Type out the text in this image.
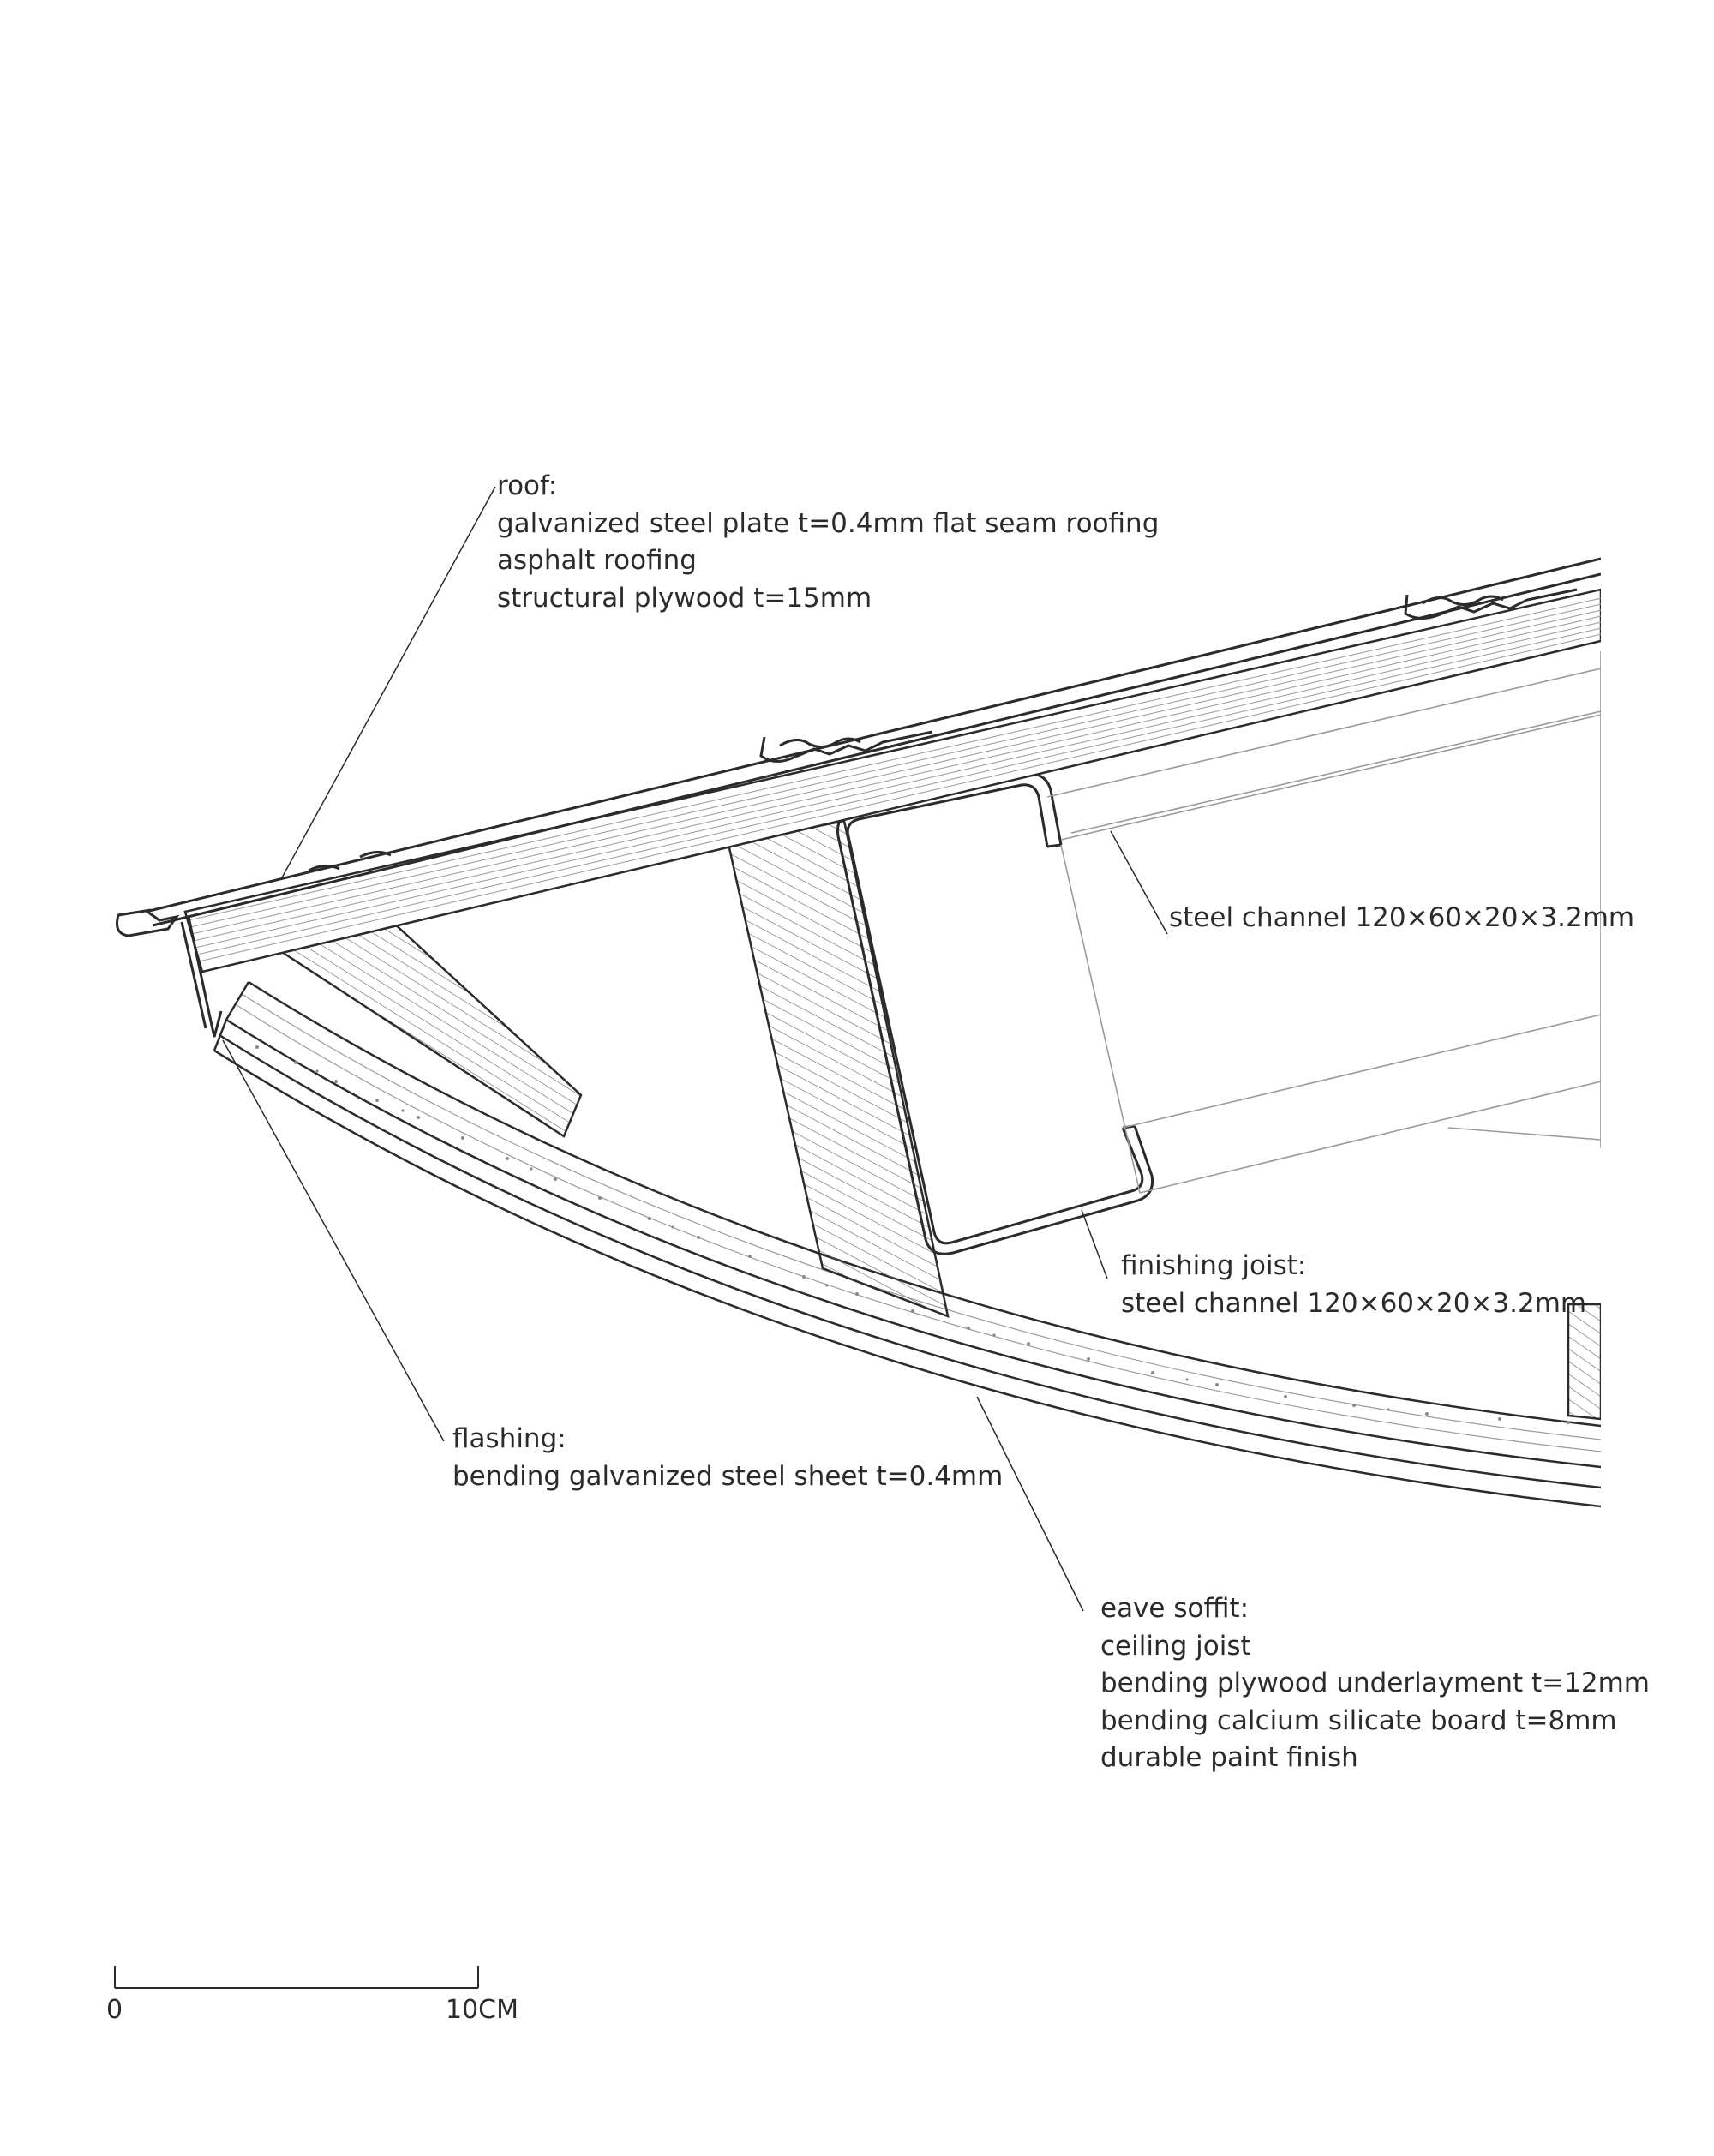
roof:
galvanized steel plate t=0.4mm flat seam roofing
asphalt roofing
structural plywood t=15mm
steel channel 120×60×20×3.2mm
finishing joist:
steel channel 120×60×20×3.2mm
flashing:
bending galvanized steel sheet t=0.4mm
eave soffit:
ceiling joist
bending plywood underlayment t=12mm
bending calcium silicate board t=8mm
durable paint finish
0	10CM
